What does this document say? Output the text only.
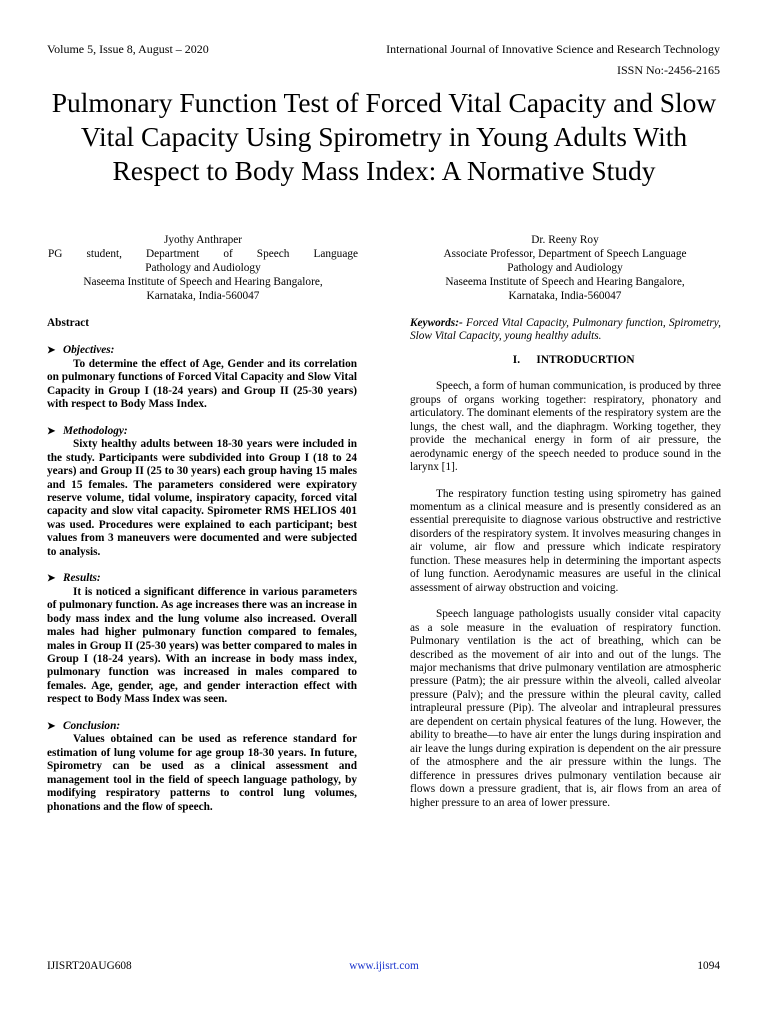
Volume 5, Issue 8, August – 2020	International Journal of Innovative Science and Research Technology
ISSN No:-2456-2165
Pulmonary Function Test of Forced Vital Capacity and Slow Vital Capacity Using Spirometry in Young Adults With Respect to Body Mass Index: A Normative Study
Jyothy Anthraper
PG student, Department of Speech Language
Pathology and Audiology
Naseema Institute of Speech and Hearing Bangalore,
Karnataka, India-560047
Dr. Reeny Roy
Associate Professor, Department of Speech Language
Pathology and Audiology
Naseema Institute of Speech and Hearing Bangalore,
Karnataka, India-560047

Abstract

➤ Objectives:

To determine the effect of Age, Gender and its correlation on pulmonary functions of Forced Vital Capacity and Slow Vital Capacity in Group I (18-24 years) and Group II (25-30 years) with respect to Body Mass Index.

➤ Methodology:

Sixty healthy adults between 18-30 years were included in the study. Participants were subdivided into Group I (18 to 24 years) and Group II (25 to 30 years) each group having 15 males and 15 females. The parameters considered were expiratory reserve volume, tidal volume, inspiratory capacity, forced vital capacity and slow vital capacity. Spirometer RMS HELIOS 401 was used. Procedures were explained to each participant; best values from 3 maneuvers were documented and were subjected to analysis.

➤ Results:

It is noticed a significant difference in various parameters of pulmonary function. As age increases there was an increase in body mass index and the lung volume also increased. Overall males had higher pulmonary function compared to females, males in Group II (25-30 years) was better compared to males in Group I (18-24 years). With an increase in body mass index, pulmonary function was increased in males compared to females. Age, gender, age, and gender interaction effect with respect to Body Mass Index was seen.

➤ Conclusion:

Values obtained can be used as reference standard for estimation of lung volume for age group 18-30 years. In future, Spirometry can be used as a clinical assessment and management tool in the field of speech language pathology, by modifying respiratory patterns to control lung volumes, phonations and the flow of speech.

Keywords:- Forced Vital Capacity, Pulmonary function, Spirometry, Slow Vital Capacity, young healthy adults.

I. INTRODUCRTION

Speech, a form of human communication, is produced by three groups of organs working together: respiratory, phonatory and articulatory. The dominant elements of the respiratory system are the lungs, the chest wall, and the diaphragm. Working together, they provide the mechanical energy in form of air pressure, the aerodynamic energy of the speech needed to produce sound in the larynx [1].

The respiratory function testing using spirometry has gained momentum as a clinical measure and is presently considered as an essential prerequisite to diagnose various obstructive and restrictive disorders of the respiratory system. It involves measuring changes in air volume, air flow and pressure which indicate respiratory function. These measures help in determining the important aspects of lung function. Aerodynamic measures are useful in the clinical assessment of airway obstruction and voicing.

Speech language pathologists usually consider vital capacity as a sole measure in the evaluation of respiratory function. Pulmonary ventilation is the act of breathing, which can be described as the movement of air into and out of the lungs. The major mechanisms that drive pulmonary ventilation are atmospheric pressure (Patm); the air pressure within the alveoli, called alveolar pressure (Palv); and the pressure within the pleural cavity, called intrapleural pressure (Pip). The alveolar and intrapleural pressures are dependent on certain physical features of the lung. However, the ability to breathe—to have air enter the lungs during inspiration and air leave the lungs during expiration is dependent on the air pressure of the atmosphere and the air pressure within the lungs. The difference in pressures drives pulmonary ventilation because air flows down a pressure gradient, that is, air flows from an area of higher pressure to an area of lower pressure.

IJISRT20AUG608	www.ijisrt.com	1094
